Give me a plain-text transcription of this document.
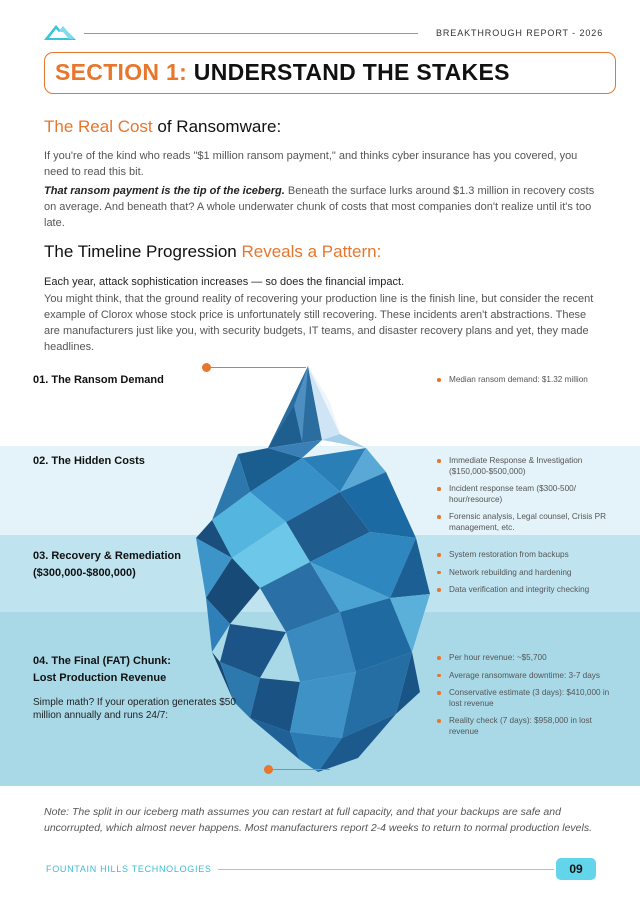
BREAKTHROUGH REPORT - 2026
SECTION 1: UNDERSTAND THE STAKES
The Real Cost of Ransomware:

If you're of the kind who reads "$1 million ransom payment," and thinks cyber insurance has you covered, you need to read this bit.

That ransom payment is the tip of the iceberg. Beneath the surface lurks around $1.3 million in recovery costs on average. And beneath that? A whole underwater chunk of costs that most companies don't realize until it's too late.

The Timeline Progression Reveals a Pattern:

Each year, attack sophistication increases — so does the financial impact.

You might think, that the ground reality of recovering your production line is the finish line, but consider the recent example of Clorox whose stock price is unfortunately still recovering. These incidents aren't abstractions. These are manufacturers just like you, with security budgets, IT teams, and disaster recovery plans and yet, they made headlines.

01. The Ransom Demand	Median ransom demand: $1.32 million
02. The Hidden Costs	Immediate Response & Investigation ($150,000-$500,000)
Incident response team ($300-500/ hour/resource)
Forensic analysis, Legal counsel, Crisis PR management, etc.
03. Recovery & Remediation
($300,000-$800,000)
System restoration from backups
Network rebuilding and hardening
Data verification and integrity checking
04. The Final (FAT) Chunk:
Lost Production Revenue

Simple math? If your operation generates $50 million annually and runs 24/7:

Per hour revenue: ~$5,700
Average ransomware downtime: 3-7 days
Conservative estimate (3 days): $410,000 in lost revenue
Reality check (7 days): $958,000 in lost revenue

Note: The split in our iceberg math assumes you can restart at full capacity, and that your backups are safe and uncorrupted, which almost never happens. Most manufacturers report 2-4 weeks to return to normal production levels.

FOUNTAIN HILLS TECHNOLOGIES	09
